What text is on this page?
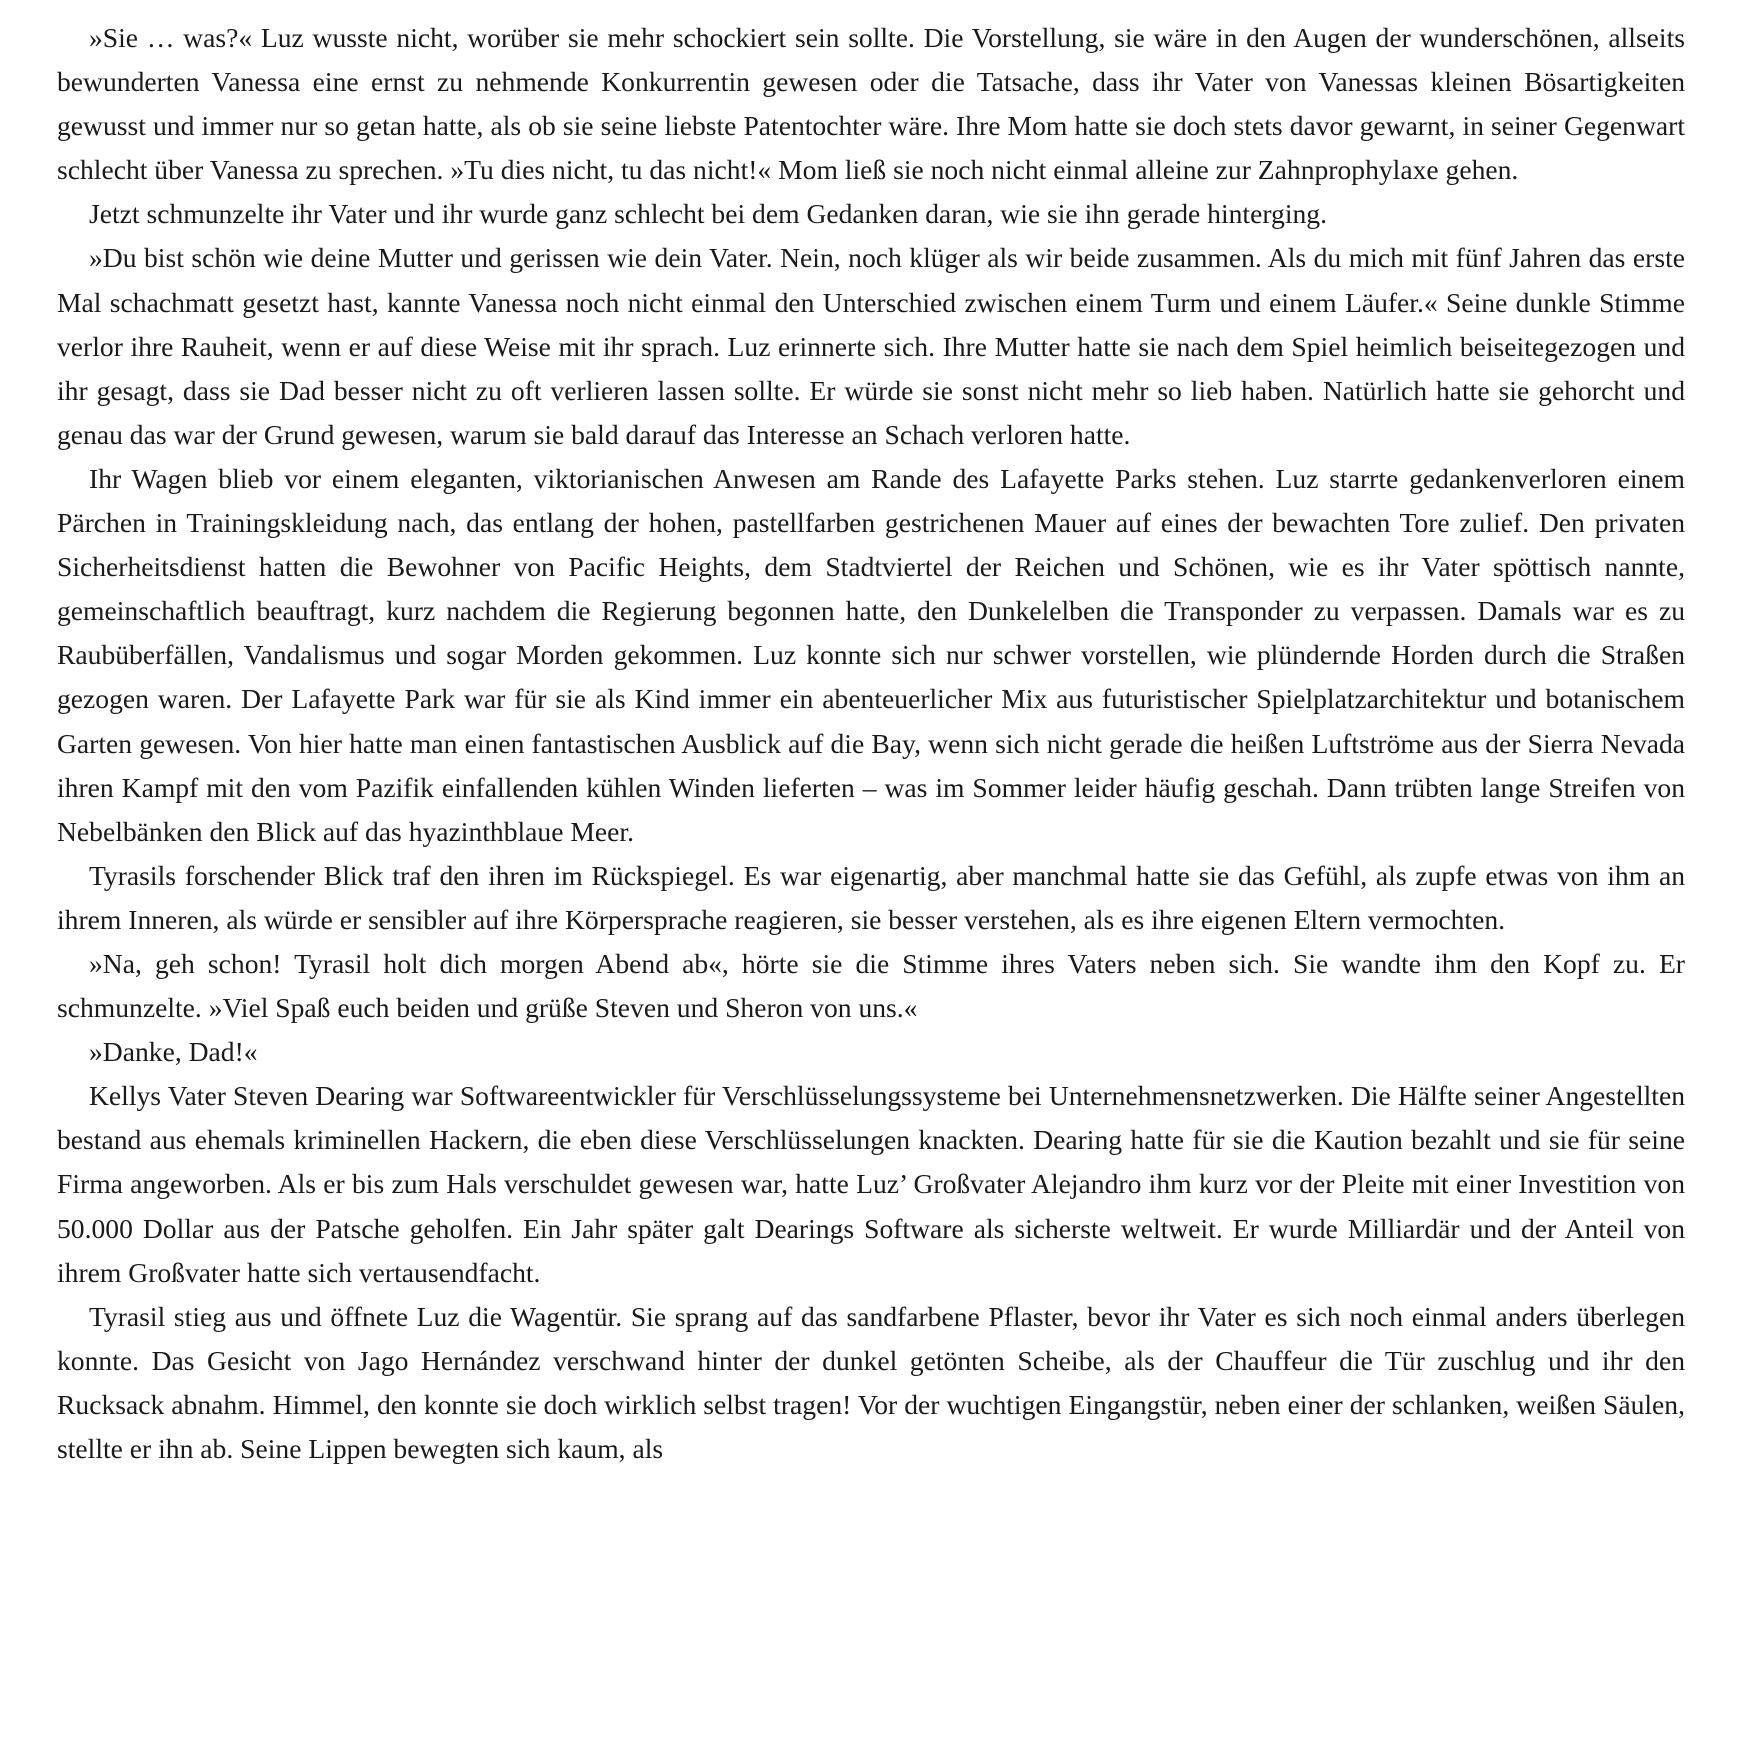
»Sie … was?« Luz wusste nicht, worüber sie mehr schockiert sein sollte. Die Vorstellung, sie wäre in den Augen der wunderschönen, allseits bewunderten Vanessa eine ernst zu nehmende Konkurrentin gewesen oder die Tatsache, dass ihr Vater von Vanessas kleinen Bösartigkeiten gewusst und immer nur so getan hatte, als ob sie seine liebste Patentochter wäre. Ihre Mom hatte sie doch stets davor gewarnt, in seiner Gegenwart schlecht über Vanessa zu sprechen. »Tu dies nicht, tu das nicht!« Mom ließ sie noch nicht einmal alleine zur Zahnprophylaxe gehen.

Jetzt schmunzelte ihr Vater und ihr wurde ganz schlecht bei dem Gedanken daran, wie sie ihn gerade hinterging.

»Du bist schön wie deine Mutter und gerissen wie dein Vater. Nein, noch klüger als wir beide zusammen. Als du mich mit fünf Jahren das erste Mal schachmatt gesetzt hast, kannte Vanessa noch nicht einmal den Unterschied zwischen einem Turm und einem Läufer.« Seine dunkle Stimme verlor ihre Rauheit, wenn er auf diese Weise mit ihr sprach. Luz erinnerte sich. Ihre Mutter hatte sie nach dem Spiel heimlich beiseitegezogen und ihr gesagt, dass sie Dad besser nicht zu oft verlieren lassen sollte. Er würde sie sonst nicht mehr so lieb haben. Natürlich hatte sie gehorcht und genau das war der Grund gewesen, warum sie bald darauf das Interesse an Schach verloren hatte.

Ihr Wagen blieb vor einem eleganten, viktorianischen Anwesen am Rande des Lafayette Parks stehen. Luz starrte gedankenverloren einem Pärchen in Trainingskleidung nach, das entlang der hohen, pastellfarben gestrichenen Mauer auf eines der bewachten Tore zulief. Den privaten Sicherheitsdienst hatten die Bewohner von Pacific Heights, dem Stadtviertel der Reichen und Schönen, wie es ihr Vater spöttisch nannte, gemeinschaftlich beauftragt, kurz nachdem die Regierung begonnen hatte, den Dunkelelben die Transponder zu verpassen. Damals war es zu Raubüberfällen, Vandalismus und sogar Morden gekommen. Luz konnte sich nur schwer vorstellen, wie plündernde Horden durch die Straßen gezogen waren. Der Lafayette Park war für sie als Kind immer ein abenteuerlicher Mix aus futuristischer Spielplatzarchitektur und botanischem Garten gewesen. Von hier hatte man einen fantastischen Ausblick auf die Bay, wenn sich nicht gerade die heißen Luftströme aus der Sierra Nevada ihren Kampf mit den vom Pazifik einfallenden kühlen Winden lieferten – was im Sommer leider häufig geschah. Dann trübten lange Streifen von Nebelbänken den Blick auf das hyazinthblaue Meer.

Tyrasils forschender Blick traf den ihren im Rückspiegel. Es war eigenartig, aber manchmal hatte sie das Gefühl, als zupfe etwas von ihm an ihrem Inneren, als würde er sensibler auf ihre Körpersprache reagieren, sie besser verstehen, als es ihre eigenen Eltern vermochten.

»Na, geh schon! Tyrasil holt dich morgen Abend ab«, hörte sie die Stimme ihres Vaters neben sich. Sie wandte ihm den Kopf zu. Er schmunzelte. »Viel Spaß euch beiden und grüße Steven und Sheron von uns.«

»Danke, Dad!«

Kellys Vater Steven Dearing war Softwareentwickler für Verschlüsselungssysteme bei Unternehmensnetzwerken. Die Hälfte seiner Angestellten bestand aus ehemals kriminellen Hackern, die eben diese Verschlüsselungen knackten. Dearing hatte für sie die Kaution bezahlt und sie für seine Firma angeworben. Als er bis zum Hals verschuldet gewesen war, hatte Luz’ Großvater Alejandro ihm kurz vor der Pleite mit einer Investition von 50.000 Dollar aus der Patsche geholfen. Ein Jahr später galt Dearings Software als sicherste weltweit. Er wurde Milliardär und der Anteil von ihrem Großvater hatte sich vertausendfacht.

Tyrasil stieg aus und öffnete Luz die Wagentür. Sie sprang auf das sandfarbene Pflaster, bevor ihr Vater es sich noch einmal anders überlegen konnte. Das Gesicht von Jago Hernández verschwand hinter der dunkel getönten Scheibe, als der Chauffeur die Tür zuschlug und ihr den Rucksack abnahm. Himmel, den konnte sie doch wirklich selbst tragen! Vor der wuchtigen Eingangstür, neben einer der schlanken, weißen Säulen, stellte er ihn ab. Seine Lippen bewegten sich kaum, als
